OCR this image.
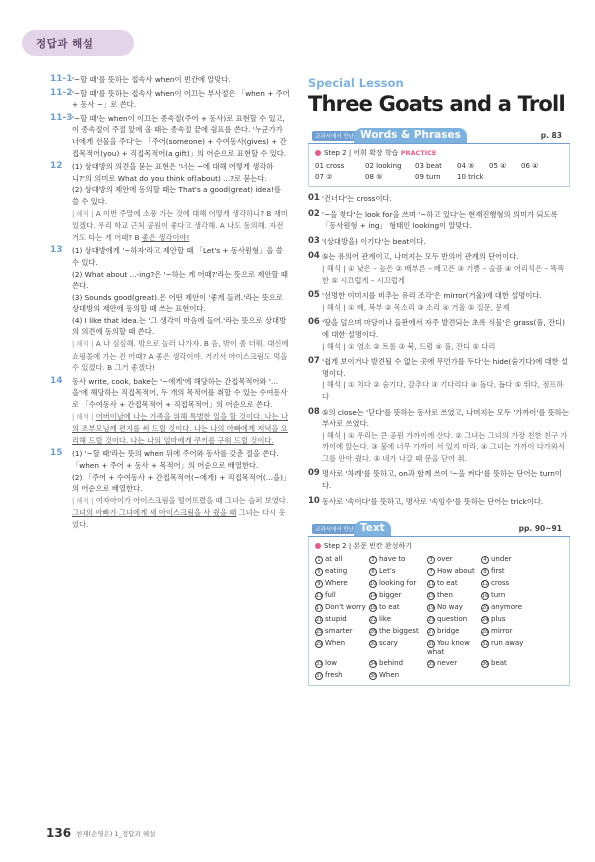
정답과 해설
11-1 '~할 때'를 뜻하는 접속사 when이 빈칸에 알맞다.
11-2 '~할 때'를 뜻하는 접속사 when이 이끄는 부사절은 「when + 주어 + 동사 ~」로 쓴다.
11-3 '~할 때'는 when이 이끄는 종속절(주어 + 동사)로 표현할 수 있고, 이 종속절이 주절 앞에 올 때는 종속절 끝에 쉼표를 쓴다. '누군가가 너에게 선물을 주다'는 「주어(someone) + 수여동사(gives) + 간접목적어(you) + 직접목적어(a gift)」의 어순으로 표현할 수 있다.
12 (1) 상대방의 의견을 묻는 표현은 '너는 ~에 대해 어떻게 생각하니?'의 의미로 What do you think of(about) ...?로 묻는다.
(2) 상대방의 제안에 동의할 때는 That's a good(great) idea!를 쓸 수 있다.
| 해석 | A 이번 주말에 소풍 가는 것에 대해 어떻게 생각하니? B 재미있겠다. 우리 학교 근처 공원이 좋다고 생각해. A 나도 동의해. 자전거도 타는 게 어때? B 좋은 생각이야!
13 (1) 상대방에게 '~하자'라고 제안할 때 「Let's + 동사원형」을 쓸 수 있다.
(2) What about ...-ing?은 '~하는 게 어때?'라는 뜻으로 제안할 때 쓴다.
(3) Sounds good(great).은 어떤 제안이 '좋게 들려.'라는 뜻으로 상대방의 제안에 동의할 때 쓰는 표현이다.
(4) I like that idea.는 '그 생각이 마음에 들어.'라는 뜻으로 상대방의 의견에 동의할 때 쓴다.
| 해석 | A 나 심심해. 밖으로 놀러 나가자. B 음, 밖이 좀 더워. 대신에 쇼핑몰에 가는 건 어때? A 좋은 생각이야. 거기서 아이스크림도 먹을 수 있겠다. B 그거 좋겠다!
14 동사 write, cook, bake는 '~에게'에 해당하는 간접목적어와 '…을'에 해당하는 직접목적어, 두 개의 목적어를 취할 수 있는 수여동사로 「수여동사 + 간접목적어 + 직접목적어」의 어순으로 쓴다.
| 해석 | 어버이날에 나는 가족을 위해 특별한 일을 할 것이다. 나는 나의 조부모님께 편지를 써 드릴 것이다. 나는 나의 아빠에게 저녁을 요리해 드릴 것이다. 나는 나의 엄마에게 쿠키를 구워 드릴 것이다.
15 (1) '~할 때'라는 뜻의 when 뒤에 주어와 동사를 갖춘 절을 쓴다. 「when + 주어 + 동사 + 목적어」의 어순으로 배열한다.
(2) 「주어 + 수여동사 + 간접목적어(~에게) + 직접목적어(…을)」의 어순으로 배열한다.
| 해석 | 여자아이가 아이스크림을 떨어뜨렸을 때 그녀는 슬퍼 보였다. 그녀의 아빠가 그녀에게 새 아이스크림을 사 줬을 때 그녀는 다시 웃었다.
Special Lesson
Three Goats and a Troll
교과서에서 만난 Words & Phrases	p. 83
Step 2 | 어휘 확장 학습 PRACTICE
01 cross	02 looking	03 beat	04 ⑤	05 ④	06 ④
07 ②	08 ⑤	09 turn	10 trick
01 '건너다'는 cross이다.
02 '~을 찾다'는 look for을 쓰며 '~하고 있다'는 현재진행형의 의미가 되도록 「동사원형 + ing」 형태인 looking이 알맞다.
03 '(상대방을) 이기다'는 beat이다.
04 ⑤는 유의어 관계이고, 나머지는 모두 반의어 관계의 단어이다.
| 해석 | ① 낮은 – 높은 ② 배부른 – 배고픈 ③ 기쁨 – 슬픔 ④ 어리석은 – 똑똑한 ⑤ 시끄럽게 – 시끄럽게
05 '선명한 이미지를 비추는 유리 조각'은 mirror(거울)에 대한 설명이다.
| 해석 | ① 배, 복부 ② 목소리 ③ 소리 ④ 거울 ⑤ 질문, 문제
06 '땅을 덮으며 마당이나 들판에서 자주 발견되는 초록 식물'은 grass(풀, 잔디)에 대한 설명이다.
| 해석 | ① 염소 ② 트롤 ③ 북, 드럼 ④ 풀, 잔디 ⑤ 다리
07 '쉽게 보이거나 발견될 수 없는 곳에 무언가를 두다'는 hide(숨기다)에 대한 설명이다.
| 해석 | ① 치다 ② 숨기다, 감추다 ③ 기다리다 ④ 돌다, 돕다 ⑤ 뛰다, 점프하다
08 ⑤의 close는 '닫다'를 뜻하는 동사로 쓰였고, 나머지는 모두 '가까이'를 뜻하는 부사로 쓰였다.
| 해석 | ① 우리는 큰 공원 가까이에 산다. ② 그녀는 그녀의 가장 친한 친구 가까이에 앉는다. ③ 불에 너무 가까이 서 있지 마라. ④ 그녀는 가까이 다가와서 그를 안아 줬다. ⑤ 네가 나갈 때 문을 닫아 줘.
09 명사로 '차례'를 뜻하고, on과 함께 쓰여 '~을 켜다'를 뜻하는 단어는 turn이다.
10 동사로 '속이다'를 뜻하고, 명사로 '속임수'를 뜻하는 단어는 trick이다.
교과서에서 만난 Text	pp. 90~91
Step 2 | 본문 빈칸 완성하기
1 at all	2 have to	3 over	4 under
5 eating	6 Let's	7 How about	8 first
9 Where	10 looking for	11 to eat	12 cross
13 full	14 bigger	15 then	16 turn
17 Don't worry 18 to eat	19 No way	20 anymore
21 stupid	22 like	23 question	24 plus
25 smarter	26 the biggest	27 bridge	28 mirror
29 When	30 scary	31 You know what
32 run away
33 low	34 behind	35 never	36 beat
37 fresh	38 When
136 천재(손영은) 1_정답과 해설
